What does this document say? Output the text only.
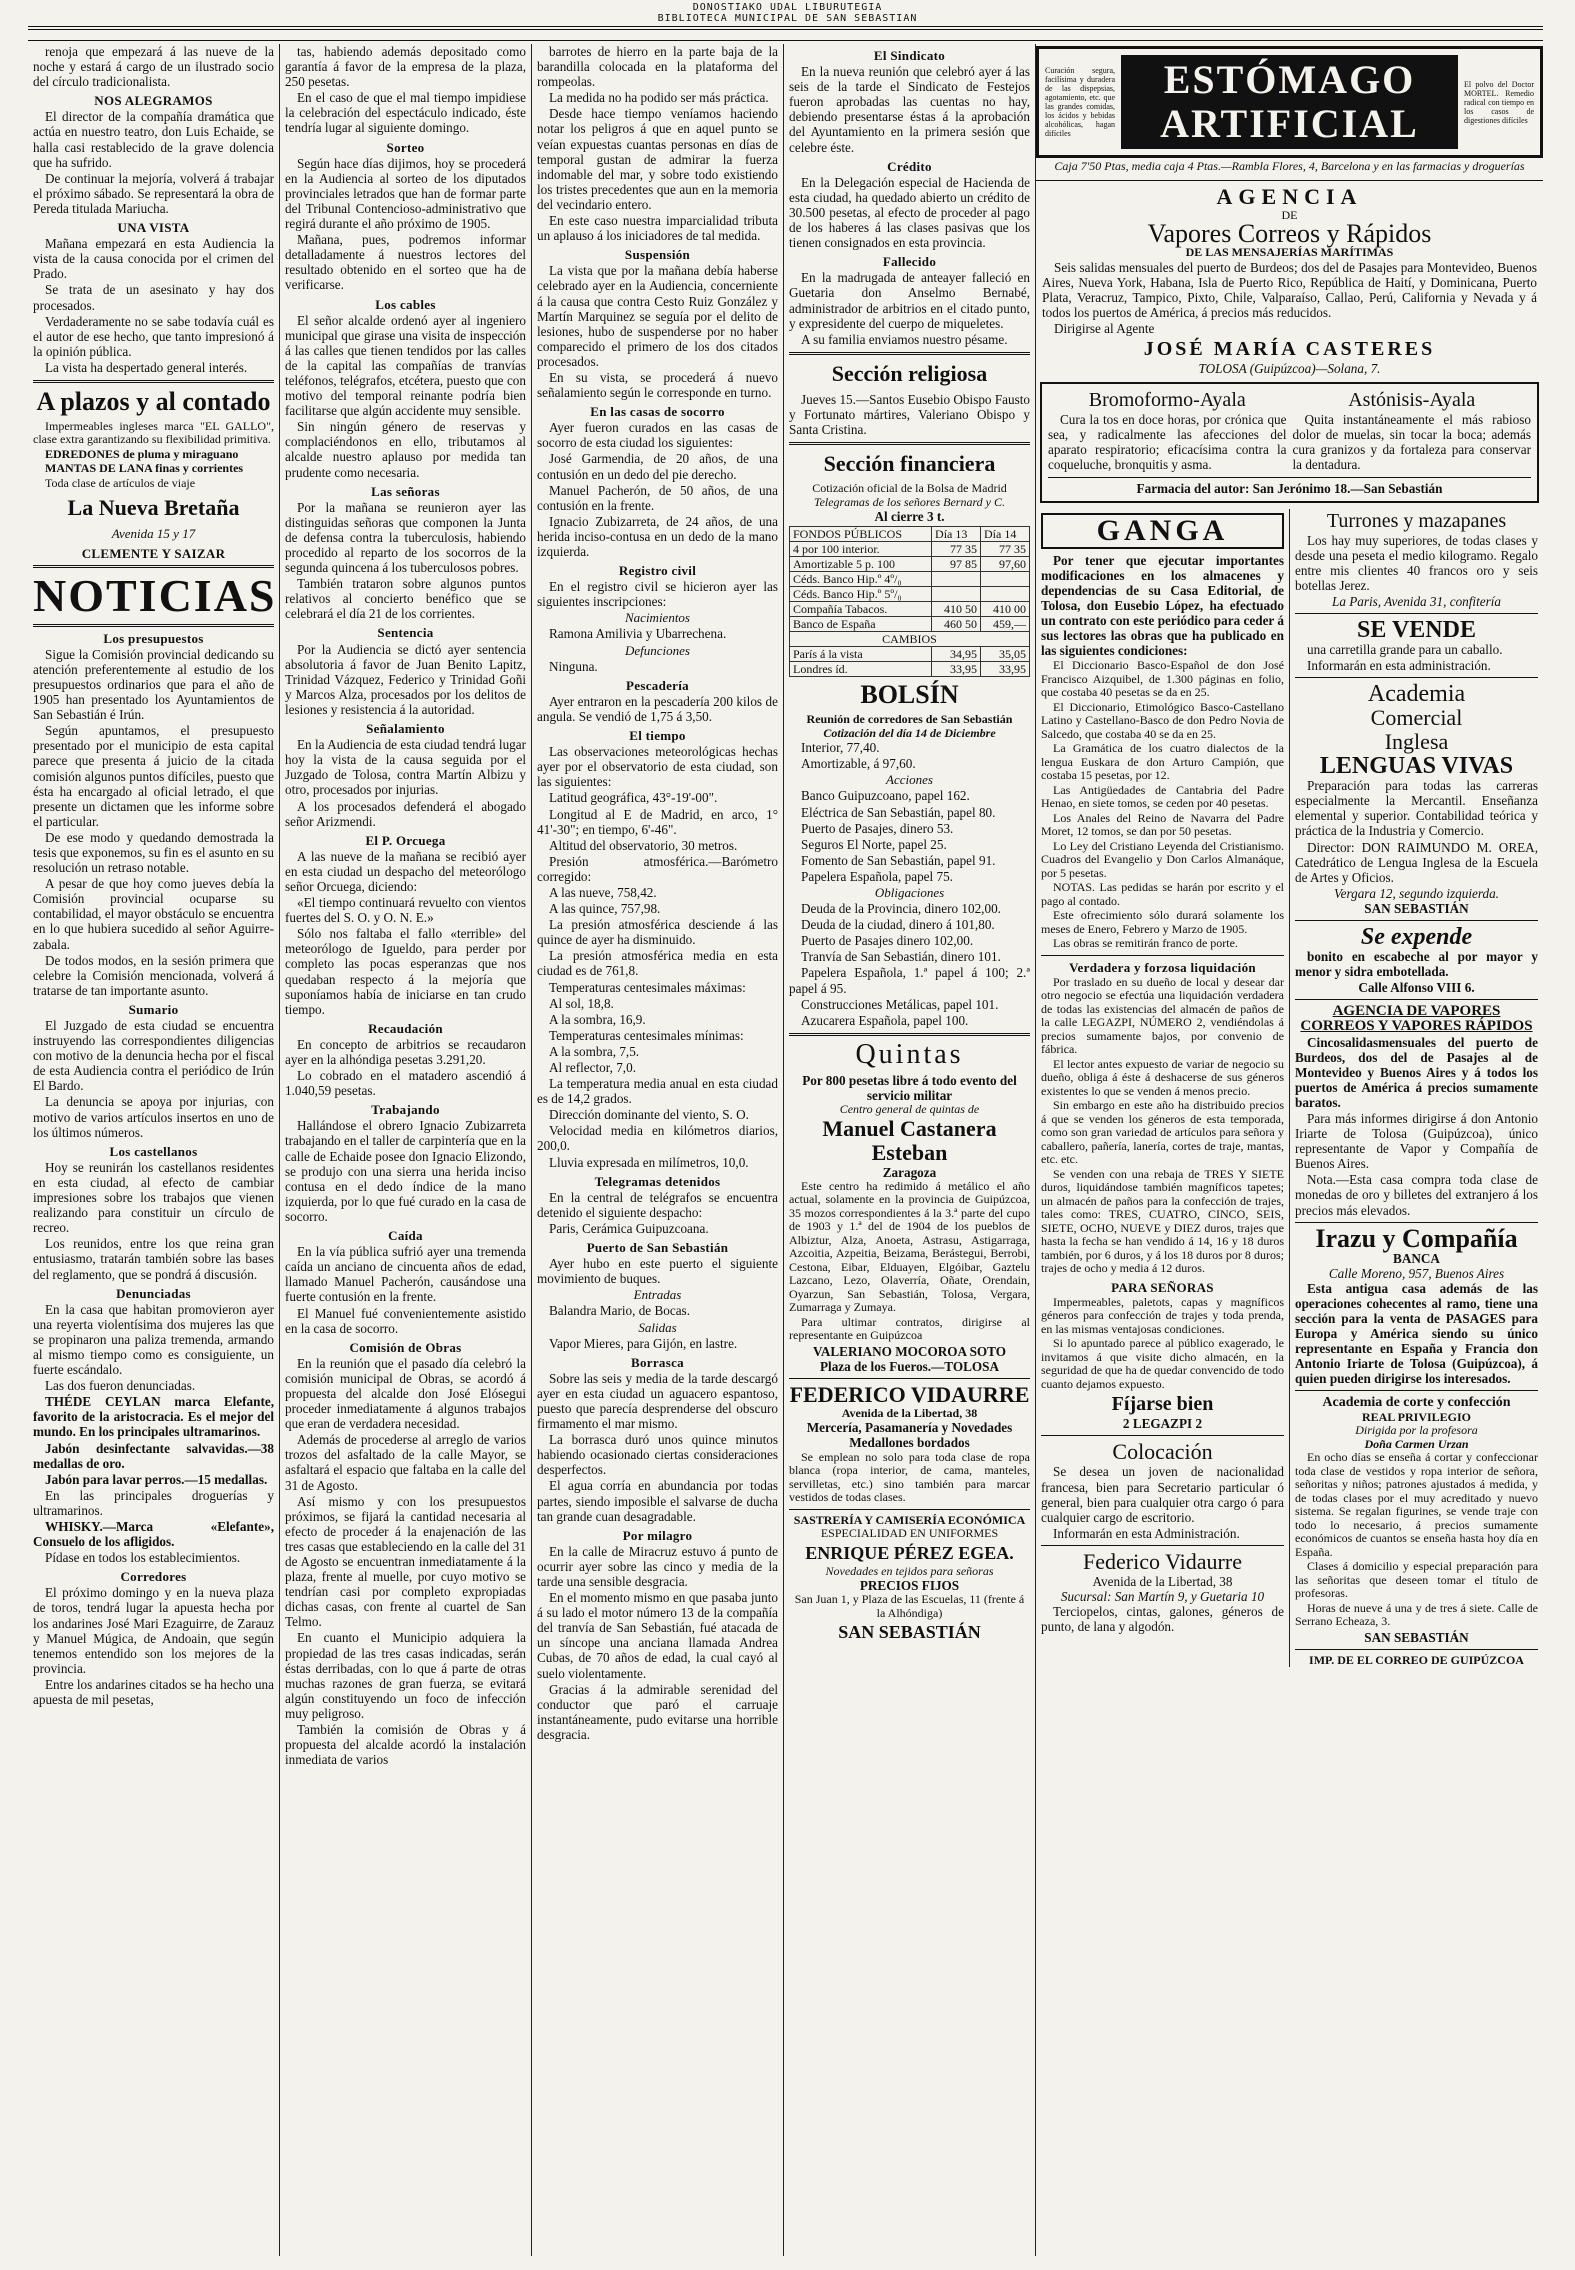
DONOSTIAKO UDAL LIBURUTEGIA
BIBLIOTECA MUNICIPAL DE SAN SEBASTIAN

renoja que empezará á las nueve de la noche y estará á cargo de un ilustrado socio del círculo tradicionalista.

NOS ALEGRAMOS

El director de la compañía dramática que actúa en nuestro teatro, don Luis Echaide, se halla casi restablecido de la grave dolencia que ha sufrido.

De continuar la mejoría, volverá á trabajar el próximo sábado. Se representará la obra de Pereda titulada Mariucha.

UNA VISTA

Mañana empezará en esta Audiencia la vista de la causa conocida por el crimen del Prado.

Se trata de un asesinato y hay dos procesados.

Verdaderamente no se sabe todavía cuál es el autor de ese hecho, que tanto impresionó á la opinión pública.

La vista ha despertado general interés.

A plazos y al contado

Impermeables ingleses marca "EL GALLO", clase extra garantizando su flexibilidad primitiva.

EDREDONES de pluma y miraguano

MANTAS DE LANA finas y corrientes

Toda clase de artículos de viaje

La Nueva Bretaña
Avenida 15 y 17
CLEMENTE Y SAIZAR
NOTICIAS
Los presupuestos

Sigue la Comisión provincial dedicando su atención preferentemente al estudio de los presupuestos ordinarios que para el año de 1905 han presentado los Ayuntamientos de San Sebastián é Irún.

Según apuntamos, el presupuesto presentado por el municipio de esta capital parece que presenta á juicio de la citada comisión algunos puntos difíciles, puesto que ésta ha encargado al oficial letrado, el que presente un dictamen que les informe sobre el particular.

De ese modo y quedando demostrada la tesis que exponemos, su fin es el asunto en su resolución un retraso notable.

A pesar de que hoy como jueves debía la Comisión provincial ocuparse su contabilidad, el mayor obstáculo se encuentra en lo que hubiera sucedido al señor Aguirre-zabala.

De todos modos, en la sesión primera que celebre la Comisión mencionada, volverá á tratarse de tan importante asunto.

Sumario

El Juzgado de esta ciudad se encuentra instruyendo las correspondientes diligencias con motivo de la denuncia hecha por el fiscal de esta Audiencia contra el periódico de Irún El Bardo.

La denuncia se apoya por injurias, con motivo de varios artículos insertos en uno de los últimos números.

Los castellanos

Hoy se reunirán los castellanos residentes en esta ciudad, al efecto de cambiar impresiones sobre los trabajos que vienen realizando para constituir un círculo de recreo.

Los reunidos, entre los que reina gran entusiasmo, tratarán también sobre las bases del reglamento, que se pondrá á discusión.

Denunciadas

En la casa que habitan promovieron ayer una reyerta violentísima dos mujeres las que se propinaron una paliza tremenda, armando al mismo tiempo como es consiguiente, un fuerte escándalo.

Las dos fueron denunciadas.

THÉDE CEYLAN marca Elefante, favorito de la aristocracia. Es el mejor del mundo. En los principales ultramarinos.

Jabón desinfectante salvavidas.—38 medallas de oro.

Jabón para lavar perros.—15 medallas.

En las principales droguerías y ultramarinos.

WHISKY.—Marca «Elefante», Consuelo de los afligidos.

Pídase en todos los establecimientos.

Corredores

El próximo domingo y en la nueva plaza de toros, tendrá lugar la apuesta hecha por los andarines José Mari Ezaguirre, de Zarauz y Manuel Múgica, de Andoain, que según tenemos entendido son los mejores de la provincia.

Entre los andarines citados se ha hecho una apuesta de mil pesetas,

tas, habiendo además depositado como garantía á favor de la empresa de la plaza, 250 pesetas.

En el caso de que el mal tiempo impidiese la celebración del espectáculo indicado, éste tendría lugar al siguiente domingo.

Sorteo

Según hace días dijimos, hoy se procederá en la Audiencia al sorteo de los diputados provinciales letrados que han de formar parte del Tribunal Contencioso-administrativo que regirá durante el año próximo de 1905.

Mañana, pues, podremos informar detalladamente á nuestros lectores del resultado obtenido en el sorteo que ha de verificarse.

Los cables

El señor alcalde ordenó ayer al ingeniero municipal que girase una visita de inspección á las calles que tienen tendidos por las calles de la capital las compañías de tranvías teléfonos, telégrafos, etcétera, puesto que con motivo del temporal reinante podría bien facilitarse que algún accidente muy sensible.

Sin ningún género de reservas y complaciéndonos en ello, tributamos al alcalde nuestro aplauso por medida tan prudente como necesaria.

Las señoras

Por la mañana se reunieron ayer las distinguidas señoras que componen la Junta de defensa contra la tuberculosis, habiendo procedido al reparto de los socorros de la segunda quincena á los tuberculosos pobres.

También trataron sobre algunos puntos relativos al concierto benéfico que se celebrará el día 21 de los corrientes.

Sentencia

Por la Audiencia se dictó ayer sentencia absolutoria á favor de Juan Benito Lapitz, Trinidad Vázquez, Federico y Trinidad Goñi y Marcos Alza, procesados por los delitos de lesiones y resistencia á la autoridad.

Señalamiento

En la Audiencia de esta ciudad tendrá lugar hoy la vista de la causa seguida por el Juzgado de Tolosa, contra Martín Albizu y otro, procesados por injurias.

A los procesados defenderá el abogado señor Arizmendi.

El P. Orcuega

A las nueve de la mañana se recibió ayer en esta ciudad un despacho del meteorólogo señor Orcuega, diciendo:

«El tiempo continuará revuelto con vientos fuertes del S. O. y O. N. E.»

Sólo nos faltaba el fallo «terrible» del meteorólogo de Igueldo, para perder por completo las pocas esperanzas que nos quedaban respecto á la mejoría que suponíamos había de iniciarse en tan crudo tiempo.

Recaudación

En concepto de arbitrios se recaudaron ayer en la alhóndiga pesetas 3.291,20.

Lo cobrado en el matadero ascendió á 1.040,59 pesetas.

Trabajando

Hallándose el obrero Ignacio Zubizarreta trabajando en el taller de carpintería que en la calle de Echaide posee don Ignacio Elizondo, se produjo con una sierra una herida inciso contusa en el dedo índice de la mano izquierda, por lo que fué curado en la casa de socorro.

Caída

En la vía pública sufrió ayer una tremenda caída un anciano de cincuenta años de edad, llamado Manuel Pacherón, causándose una fuerte contusión en la frente.

El Manuel fué convenientemente asistido en la casa de socorro.

Comisión de Obras

En la reunión que el pasado día celebró la comisión municipal de Obras, se acordó á propuesta del alcalde don José Elósegui proceder inmediatamente á algunos trabajos que eran de verdadera necesidad.

Además de procederse al arreglo de varios trozos del asfaltado de la calle Mayor, se asfaltará el espacio que faltaba en la calle del 31 de Agosto.

Así mismo y con los presupuestos próximos, se fijará la cantidad necesaria al efecto de proceder á la enajenación de las tres casas que estableciendo en la calle del 31 de Agosto se encuentran inmediatamente á la plaza, frente al muelle, por cuyo motivo se tendrían casi por completo expropiadas dichas casas, con frente al cuartel de San Telmo.

En cuanto el Municipio adquiera la propiedad de las tres casas indicadas, serán éstas derribadas, con lo que á parte de otras muchas razones de gran fuerza, se evitará algún constituyendo un foco de infección muy peligroso.

También la comisión de Obras y á propuesta del alcalde acordó la instalación inmediata de varios

barrotes de hierro en la parte baja de la barandilla colocada en la plataforma del rompeolas.

La medida no ha podido ser más práctica.

Desde hace tiempo veníamos haciendo notar los peligros á que en aquel punto se veían expuestas cuantas personas en días de temporal gustan de admirar la fuerza indomable del mar, y sobre todo existiendo los tristes precedentes que aun en la memoria del vecindario entero.

En este caso nuestra imparcialidad tributa un aplauso á los iniciadores de tal medida.

Suspensión

La vista que por la mañana debía haberse celebrado ayer en la Audiencia, concerniente á la causa que contra Cesto Ruiz González y Martín Marquinez se seguía por el delito de lesiones, hubo de suspenderse por no haber comparecido el primero de los dos citados procesados.

En su vista, se procederá á nuevo señalamiento según le corresponde en turno.

En las casas de socorro

Ayer fueron curados en las casas de socorro de esta ciudad los siguientes:

José Garmendia, de 20 años, de una contusión en un dedo del pie derecho.

Manuel Pacherón, de 50 años, de una contusión en la frente.

Ignacio Zubizarreta, de 24 años, de una herida inciso-contusa en un dedo de la mano izquierda.

Registro civil

En el registro civil se hicieron ayer las siguientes inscripciones:

Nacimientos

Ramona Amilivia y Ubarrechena.

Defunciones

Ninguna.

Pescadería

Ayer entraron en la pescadería 200 kilos de angula. Se vendió de 1,75 á 3,50.

El tiempo

Las observaciones meteorológicas hechas ayer por el observatorio de esta ciudad, son las siguientes:

Latitud geográfica, 43°-19'-00".

Longitud al E de Madrid, en arco, 1° 41'-30"; en tiempo, 6'-46".

Altitud del observatorio, 30 metros.

Presión atmosférica.—Barómetro corregido:

A las nueve, 758,42.

A las quince, 757,98.

La presión atmosférica desciende á las quince de ayer ha disminuido.

La presión atmosférica media en esta ciudad es de 761,8.

Temperaturas centesimales máximas:

Al sol, 18,8.

A la sombra, 16,9.

Temperaturas centesimales mínimas:

A la sombra, 7,5.

Al reflector, 7,0.

La temperatura media anual en esta ciudad es de 14,2 grados.

Dirección dominante del viento, S. O.

Velocidad media en kilómetros diarios, 200,0.

Lluvia expresada en milímetros, 10,0.

Telegramas detenidos

En la central de telégrafos se encuentra detenido el siguiente despacho:

Paris, Cerámica Guipuzcoana.

Puerto de San Sebastián

Ayer hubo en este puerto el siguiente movimiento de buques.

Entradas

Balandra Mario, de Bocas.

Salidas

Vapor Mieres, para Gijón, en lastre.

Borrasca

Sobre las seis y media de la tarde descargó ayer en esta ciudad un aguacero espantoso, puesto que parecía desprenderse del obscuro firmamento el mar mismo.

La borrasca duró unos quince minutos habiendo ocasionado ciertas consideraciones desperfectos.

El agua corría en abundancia por todas partes, siendo imposible el salvarse de ducha tan grande cuan desagradable.

Por milagro

En la calle de Miracruz estuvo á punto de ocurrir ayer sobre las cinco y media de la tarde una sensible desgracia.

En el momento mismo en que pasaba junto á su lado el motor número 13 de la compañía del tranvía de San Sebastián, fué atacada de un síncope una anciana llamada Andrea Cubas, de 70 años de edad, la cual cayó al suelo violentamente.

Gracias á la admirable serenidad del conductor que paró el carruaje instantáneamente, pudo evitarse una horrible desgracia.

El Sindicato

En la nueva reunión que celebró ayer á las seis de la tarde el Sindicato de Festejos fueron aprobadas las cuentas no hay, debiendo presentarse éstas á la aprobación del Ayuntamiento en la primera sesión que celebre éste.

Crédito

En la Delegación especial de Hacienda de esta ciudad, ha quedado abierto un crédito de 30.500 pesetas, al efecto de proceder al pago de los haberes á las clases pasivas que los tienen consignados en esta provincia.

Fallecido

En la madrugada de anteayer falleció en Guetaria don Anselmo Bernabé, administrador de arbitrios en el citado punto, y expresidente del cuerpo de miqueletes.

A su familia enviamos nuestro pésame.

Sección religiosa

Jueves 15.—Santos Eusebio Obispo Fausto y Fortunato mártires, Valeriano Obispo y Santa Cristina.

Sección financiera
Cotización oficial de la Bolsa de Madrid
Telegramas de los señores Bernard y C.
Al cierre 3 t.
FONDOS PÚBLICOS	Día 13	Día 14
4 por 100 interior.	77 35	77 35
Amortizable 5 p. 100	97 85	97,60
Céds. Banco Hip.º 4º/₀		
Céds. Banco Hip.º 5º/₀		
Compañía Tabacos.	410 50	410 00
Banco de España	460 50	459,—
CAMBIOS		
París á la vista	34,95	35,05
Londres íd.	33,95	33,95
BOLSÍN
Reunión de corredores de San Sebastián
Cotización del día 14 de Diciembre

Interior, 77,40.

Amortizable, á 97,60.

Acciones

Banco Guipuzcoano, papel 162.

Eléctrica de San Sebastián, papel 80.

Puerto de Pasajes, dinero 53.

Seguros El Norte, papel 25.

Fomento de San Sebastián, papel 91.

Papelera Española, papel 75.

Obligaciones

Deuda de la Provincia, dinero 102,00.

Deuda de la ciudad, dinero á 101,80.

Puerto de Pasajes dinero 102,00.

Tranvía de San Sebastián, dinero 101.

Papelera Española, 1.ª papel á 100; 2.ª papel á 95.

Construcciones Metálicas, papel 101.

Azucarera Española, papel 100.

Quintas
Por 800 pesetas libre á todo evento del servicio militar
Centro general de quintas de
Manuel Castanera Esteban
Zaragoza

Este centro ha redimido á metálico el año actual, solamente en la provincia de Guipúzcoa, 35 mozos correspondientes á la 3.ª parte del cupo de 1903 y 1.ª del de 1904 de los pueblos de Albiztur, Alza, Anoeta, Astrasu, Astigarraga, Azcoitia, Azpeitia, Beizama, Berástegui, Berrobi, Cestona, Eibar, Elduayen, Elgóibar, Gaztelu Lazcano, Lezo, Olaverría, Oñate, Orendain, Oyarzun, San Sebastián, Tolosa, Vergara, Zumarraga y Zumaya.

Para ultimar contratos, dirigirse al representante en Guipúzcoa

VALERIANO MOCOROA SOTO
Plaza de los Fueros.—TOLOSA
FEDERICO VIDAURRE
Avenida de la Libertad, 38
Mercería, Pasamanería y Novedades
Medallones bordados

Se emplean no solo para toda clase de ropa blanca (ropa interior, de cama, manteles, servilletas, etc.) sino también para marcar vestidos de todas clases.

SASTRERÍA Y CAMISERÍA ECONÓMICA
ESPECIALIDAD EN UNIFORMES
ENRIQUE PÉREZ EGEA.
Novedades en tejidos para señoras
PRECIOS FIJOS
San Juan 1, y Plaza de las Escuelas, 11 (frente á la Alhóndiga)
SAN SEBASTIÁN
Curación segura, facilísima y duradera de las dispepsias, agotamiento, etc. que las grandes comidas, los ácidos y bebidas alcohólicas, hagan difíciles
ESTÓMAGO
ARTIFICIAL
El polvo del Doctor MORTEL. Remedio radical con tiempo en los casos de digestiones difíciles
Caja 7'50 Ptas, media caja 4 Ptas.—Rambla Flores, 4, Barcelona y en las farmacias y droguerías
AGENCIA
DE
Vapores Correos y Rápidos
DE LAS MENSAJERÍAS MARÍTIMAS

Seis salidas mensuales del puerto de Burdeos; dos del de Pasajes para Montevideo, Buenos Aires, Nueva York, Habana, Isla de Puerto Rico, República de Haití, y Dominicana, Puerto Plata, Veracruz, Tampico, Pixto, Chile, Valparaíso, Callao, Perú, California y Nevada y á todos los puertos de América, á precios más reducidos.

Dirigirse al Agente

JOSÉ MARÍA CASTERES
TOLOSA (Guipúzcoa)—Solana, 7.
Bromoformo-Ayala

Cura la tos en doce horas, por crónica que sea, y radicalmente las afecciones del aparato respiratorio; eficacísima contra la coqueluche, bronquitis y asma.

Astónisis-Ayala

Quita instantáneamente el más rabioso dolor de muelas, sin tocar la boca; además cura granizos y da fortaleza para conservar la dentadura.

Farmacia del autor: San Jerónimo 18.—San Sebastián
GANGA

Por tener que ejecutar importantes modificaciones en los almacenes y dependencias de su Casa Editorial, de Tolosa, don Eusebio López, ha efectuado un contrato con este periódico para ceder á sus lectores las obras que ha publicado en las siguientes condiciones:

El Diccionario Basco-Español de don José Francisco Aizquibel, de 1.300 páginas en folio, que costaba 40 pesetas se da en 25.

El Diccionario, Etimológico Basco-Castellano Latino y Castellano-Basco de don Pedro Novia de Salcedo, que costaba 40 se da en 25.

La Gramática de los cuatro dialectos de la lengua Euskara de don Arturo Campión, que costaba 15 pesetas, por 12.

Las Antigüedades de Cantabria del Padre Henao, en siete tomos, se ceden por 40 pesetas.

Los Anales del Reino de Navarra del Padre Moret, 12 tomos, se dan por 50 pesetas.

Lo Ley del Cristiano Leyenda del Cristianismo. Cuadros del Evangelio y Don Carlos Almanáque, por 5 pesetas.

NOTAS. Las pedidas se harán por escrito y el pago al contado.

Este ofrecimiento sólo durará solamente los meses de Enero, Febrero y Marzo de 1905.

Las obras se remitirán franco de porte.

Verdadera y forzosa liquidación

Por traslado en su dueño de local y desear dar otro negocio se efectúa una liquidación verdadera de todas las existencias del almacén de paños de la calle LEGAZPI, NÚMERO 2, vendiéndolas á precios sumamente bajos, por convenio de fábrica.

El lector antes expuesto de variar de negocio su dueño, obliga á éste á deshacerse de sus géneros existentes lo que se venden á menos precio.

Sin embargo en este año ha distribuido precios á que se venden los géneros de esta temporada, como son gran variedad de artículos para señora y caballero, pañería, lanería, cortes de traje, mantas, etc. etc.

Se venden con una rebaja de TRES Y SIETE duros, liquidándose también magníficos tapetes; un almacén de paños para la confección de trajes, tales como: TRES, CUATRO, CINCO, SEIS, SIETE, OCHO, NUEVE y DIEZ duros, trajes que hasta la fecha se han vendido á 14, 16 y 18 duros también, por 6 duros, y á los 18 duros por 8 duros; trajes de ocho y media á 12 duros.

PARA SEÑORAS

Impermeables, paletots, capas y magníficos géneros para confección de trajes y toda prenda, en las mismas ventajosas condiciones.

Si lo apuntado parece al público exagerado, le invitamos á que visite dicho almacén, en la seguridad de que ha de quedar convencido de todo cuanto dejamos expuesto.

Fíjarse bien
2 LEGAZPI 2
Colocación

Se desea un joven de nacionalidad francesa, bien para Secretario particular ó general, bien para cualquier otra cargo ó para cualquier cargo de escritorio.

Informarán en esta Administración.

Federico Vidaurre
Avenida de la Libertad, 38
Sucursal: San Martín 9, y Guetaria 10

Terciopelos, cintas, galones, géneros de punto, de lana y algodón.

Turrones y mazapanes

Los hay muy superiores, de todas clases y desde una peseta el medio kilogramo. Regalo entre mis clientes 40 francos oro y seis botellas Jerez.

La Paris, Avenida 31, confitería
SE VENDE

una carretilla grande para un caballo.

Informarán en esta administración.

Academia
Comercial
Inglesa
LENGUAS VIVAS

Preparación para todas las carreras especialmente la Mercantil. Enseñanza elemental y superior. Contabilidad teórica y práctica de la Industria y Comercio.

Director: DON RAIMUNDO M. OREA, Catedrático de Lengua Inglesa de la Escuela de Artes y Oficios.

Vergara 12, segundo izquierda.
SAN SEBASTIÁN
Se expende

bonito en escabeche al por mayor y menor y sidra embotellada.

Calle Alfonso VIII 6.
AGENCIA DE VAPORES CORREOS Y VAPORES RÁPIDOS

Cincosalidasmensuales del puerto de Burdeos, dos del de Pasajes al de Montevideo y Buenos Aires y á todos los puertos de América á precios sumamente baratos.

Para más informes dirigirse á don Antonio Iriarte de Tolosa (Guipúzcoa), único representante de Vapor y Compañía de Buenos Aires.

Nota.—Esta casa compra toda clase de monedas de oro y billetes del extranjero á los precios más elevados.

Irazu y Compañía
BANCA
Calle Moreno, 957, Buenos Aires

Esta antigua casa además de las operaciones cohecentes al ramo, tiene una sección para la venta de PASAGES para Europa y América siendo su único representante en España y Francia don Antonio Iriarte de Tolosa (Guipúzcoa), á quien pueden dirigirse los interesados.

Academia de corte y confección
REAL PRIVILEGIO
Dirigida por la profesora
Doña Carmen Urzan

En ocho días se enseña á cortar y confeccionar toda clase de vestidos y ropa interior de señora, señoritas y niños; patrones ajustados á medida, y de todas clases por el muy acreditado y nuevo sistema. Se regalan figurines, se vende traje con todo lo necesario, á precios sumamente económicos de cuantos se enseña hasta hoy día en España.

Clases á domicilio y especial preparación para las señoritas que deseen tomar el título de profesoras.

Horas de nueve á una y de tres á siete. Calle de Serrano Echeaza, 3.

SAN SEBASTIÁN
IMP. DE EL CORREO DE GUIPÚZCOA
